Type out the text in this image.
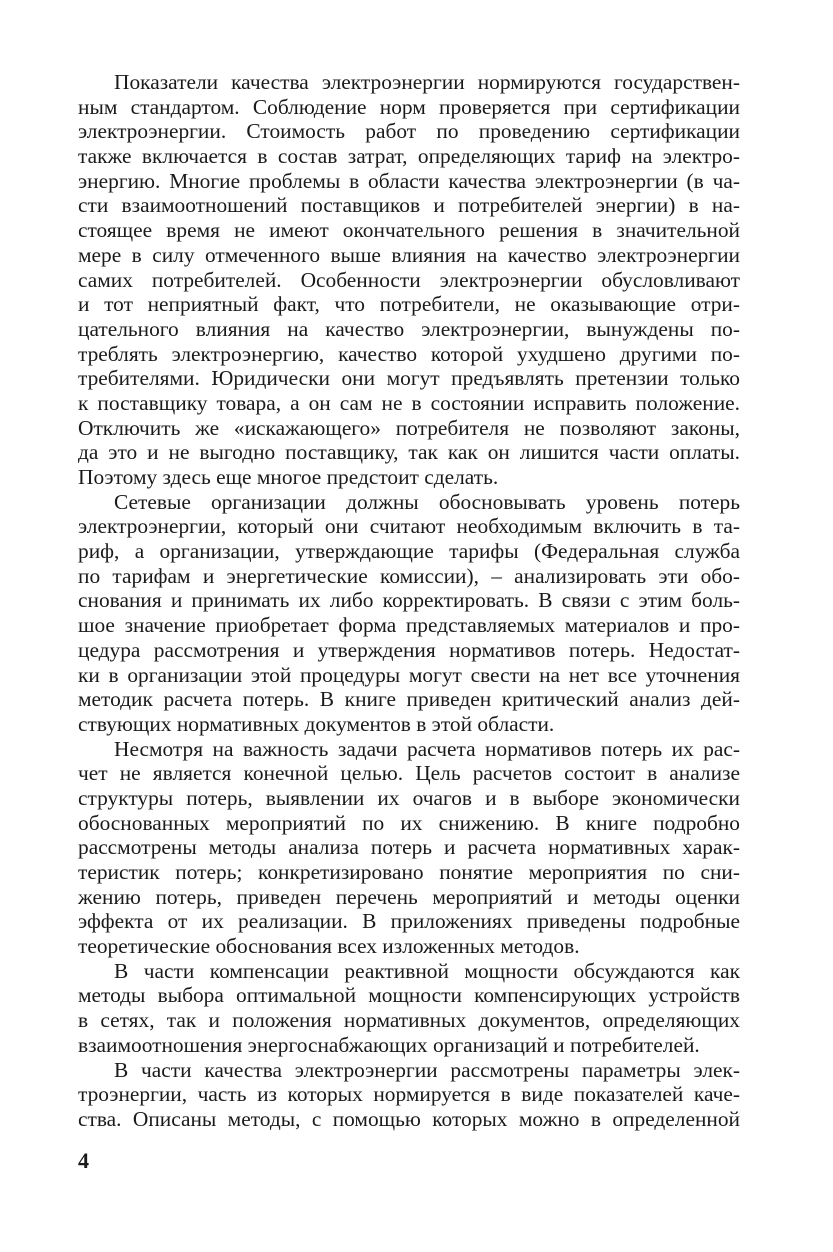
Показатели качества электроэнергии нормируются государствен-
ным стандартом. Соблюдение норм проверяется при сертификации
электроэнергии. Стоимость работ по проведению сертификации
также включается в состав затрат, определяющих тариф на электро-
энергию. Многие проблемы в области качества электроэнергии (в ча-
сти взаимоотношений поставщиков и потребителей энергии) в на-
стоящее время не имеют окончательного решения в значительной
мере в силу отмеченного выше влияния на качество электроэнергии
самих потребителей. Особенности электроэнергии обусловливают
и тот неприятный факт, что потребители, не оказывающие отри-
цательного влияния на качество электроэнергии, вынуждены по-
треблять электроэнергию, качество которой ухудшено другими по-
требителями. Юридически они могут предъявлять претензии только
к поставщику товара, а он сам не в состоянии исправить положение.
Отключить же «искажающего» потребителя не позволяют законы,
да это и не выгодно поставщику, так как он лишится части оплаты.
Поэтому здесь еще многое предстоит сделать.
Сетевые организации должны обосновывать уровень потерь
электроэнергии, который они считают необходимым включить в та-
риф, а организации, утверждающие тарифы (Федеральная служба
по тарифам и энергетические комиссии), – анализировать эти обо-
снования и принимать их либо корректировать. В связи с этим боль-
шое значение приобретает форма представляемых материалов и про-
цедура рассмотрения и утверждения нормативов потерь. Недостат-
ки в организации этой процедуры могут свести на нет все уточнения
методик расчета потерь. В книге приведен критический анализ дей-
ствующих нормативных документов в этой области.
Несмотря на важность задачи расчета нормативов потерь их рас-
чет не является конечной целью. Цель расчетов состоит в анализе
структуры потерь, выявлении их очагов и в выборе экономически
обоснованных мероприятий по их снижению. В книге подробно
рассмотрены методы анализа потерь и расчета нормативных харак-
теристик потерь; конкретизировано понятие мероприятия по сни-
жению потерь, приведен перечень мероприятий и методы оценки
эффекта от их реализации. В приложениях приведены подробные
теоретические обоснования всех изложенных методов.
В части компенсации реактивной мощности обсуждаются как
методы выбора оптимальной мощности компенсирующих устройств
в сетях, так и положения нормативных документов, определяющих
взаимоотношения энергоснабжающих организаций и потребителей.
В части качества электроэнергии рассмотрены параметры элек-
троэнергии, часть из которых нормируется в виде показателей каче-
ства. Описаны методы, с помощью которых можно в определенной
4
